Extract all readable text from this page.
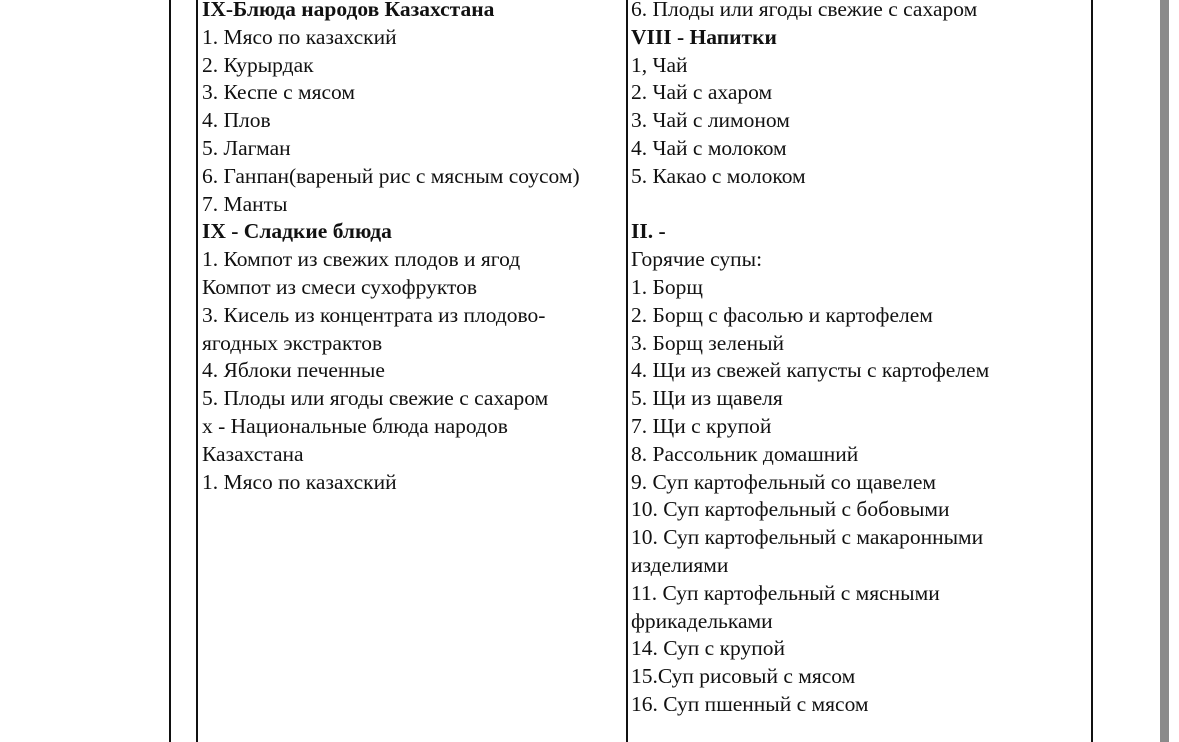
IX-Блюда народов Казахстана
1. Мясо по казахский
2. Курырдак
3. Кеспе с мясом
4. Плов
5. Лагман
6. Ганпан(вареный рис с мясным соусом)
7. Манты
IX - Сладкие блюда
1. Компот из свежих плодов и ягод
Компот из смеси сухофруктов
3. Кисель из концентрата из плодово-
ягодных экстрактов
4. Яблоки печенные
5. Плоды или ягоды свежие с сахаром
х - Национальные блюда народов
Казахстана
1. Мясо по казахский
6. Плоды или ягоды свежие с сахаром
VIII - Напитки
1, Чай
2. Чай с ахаром
3. Чай с лимоном
4. Чай с молоком
5. Какао с молоком
II. -
Горячие супы:
1. Борщ
2. Борщ с фасолью и картофелем
3. Борщ зеленый
4. Щи из свежей капусты с картофелем
5. Щи из щавеля
7. Щи с крупой
8. Рассольник домашний
9. Суп картофельный со щавелем
10. Суп картофельный с бобовыми
10. Суп картофельный с макаронными
изделиями
11. Суп картофельный с мясными
фрикадельками
14. Суп с крупой
15.Суп рисовый с мясом
16. Суп пшенный с мясом
